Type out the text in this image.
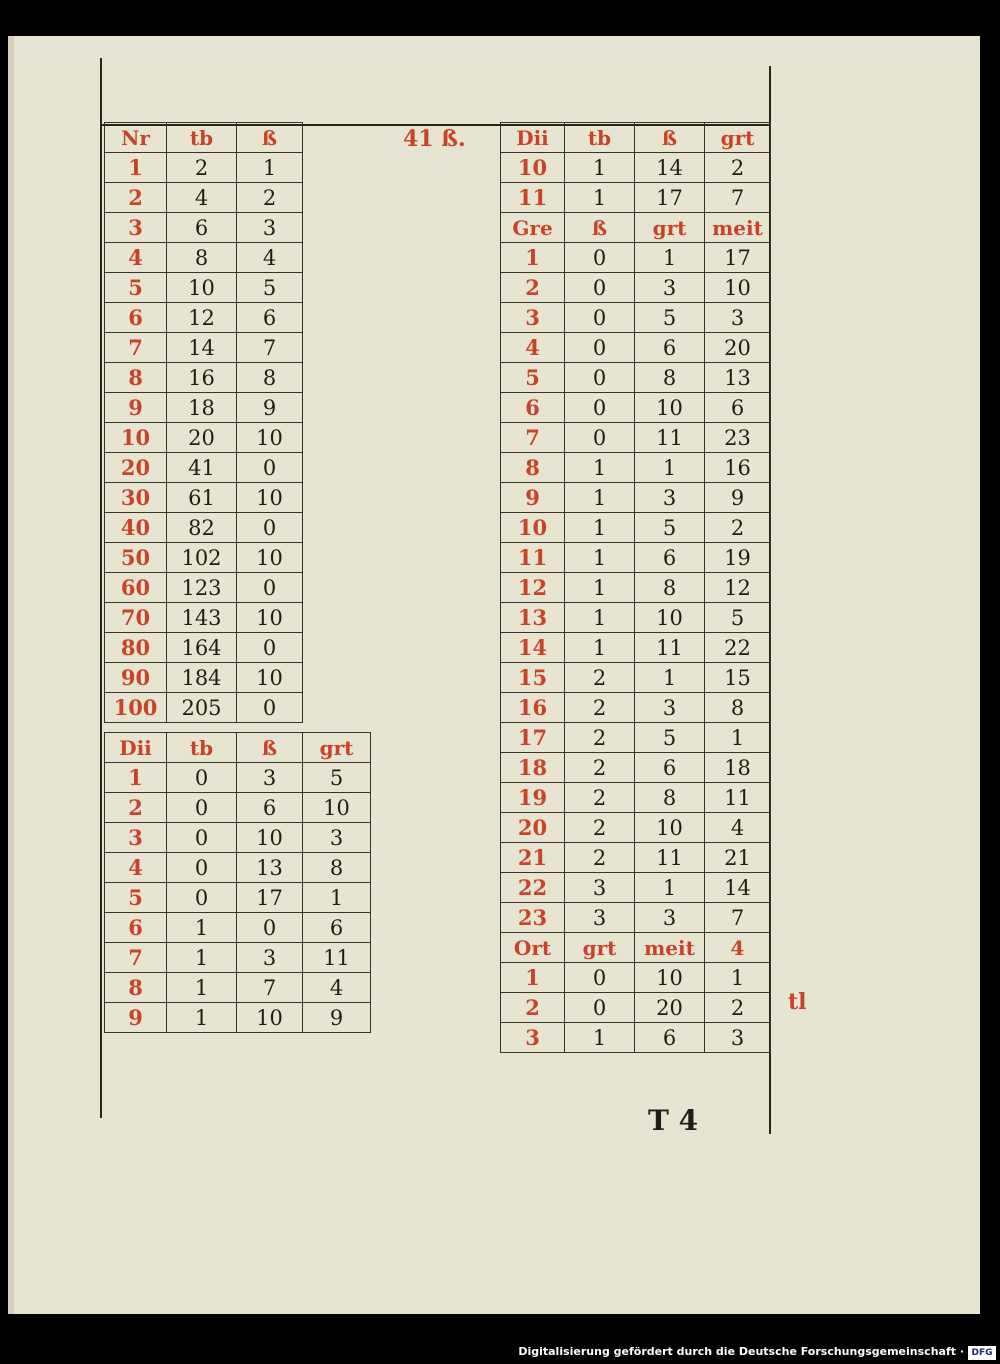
41 ß.
Nr	tb	ß
1	2	1
2	4	2
3	6	3
4	8	4
5	10	5
6	12	6
7	14	7
8	16	8
9	18	9
10	20	10
20	41	0
30	61	10
40	82	0
50	102	10
60	123	0
70	143	10
80	164	0
90	184	10
100	205	0
Dii	tb	ß	grt
1	0	3	5
2	0	6	10
3	0	10	3
4	0	13	8
5	0	17	1
6	1	0	6
7	1	3	11
8	1	7	4
9	1	10	9
Dii	tb	ß	grt
10	1	14	2
11	1	17	7
Gre	ß	grt	meit
1	0	1	17
2	0	3	10
3	0	5	3
4	0	6	20
5	0	8	13
6	0	10	6
7	0	11	23
8	1	1	16
9	1	3	9
10	1	5	2
11	1	6	19
12	1	8	12
13	1	10	5
14	1	11	22
15	2	1	15
16	2	3	8
17	2	5	1
18	2	6	18
19	2	8	11
20	2	10	4
21	2	11	21
22	3	1	14
23	3	3	7
Ort	grt	meit	4
1	0	10	1
2	0	20	2
3	1	6	3
tl
T 4
Digitalisierung gefördert durch die Deutsche Forschungsgemeinschaft · DFG
